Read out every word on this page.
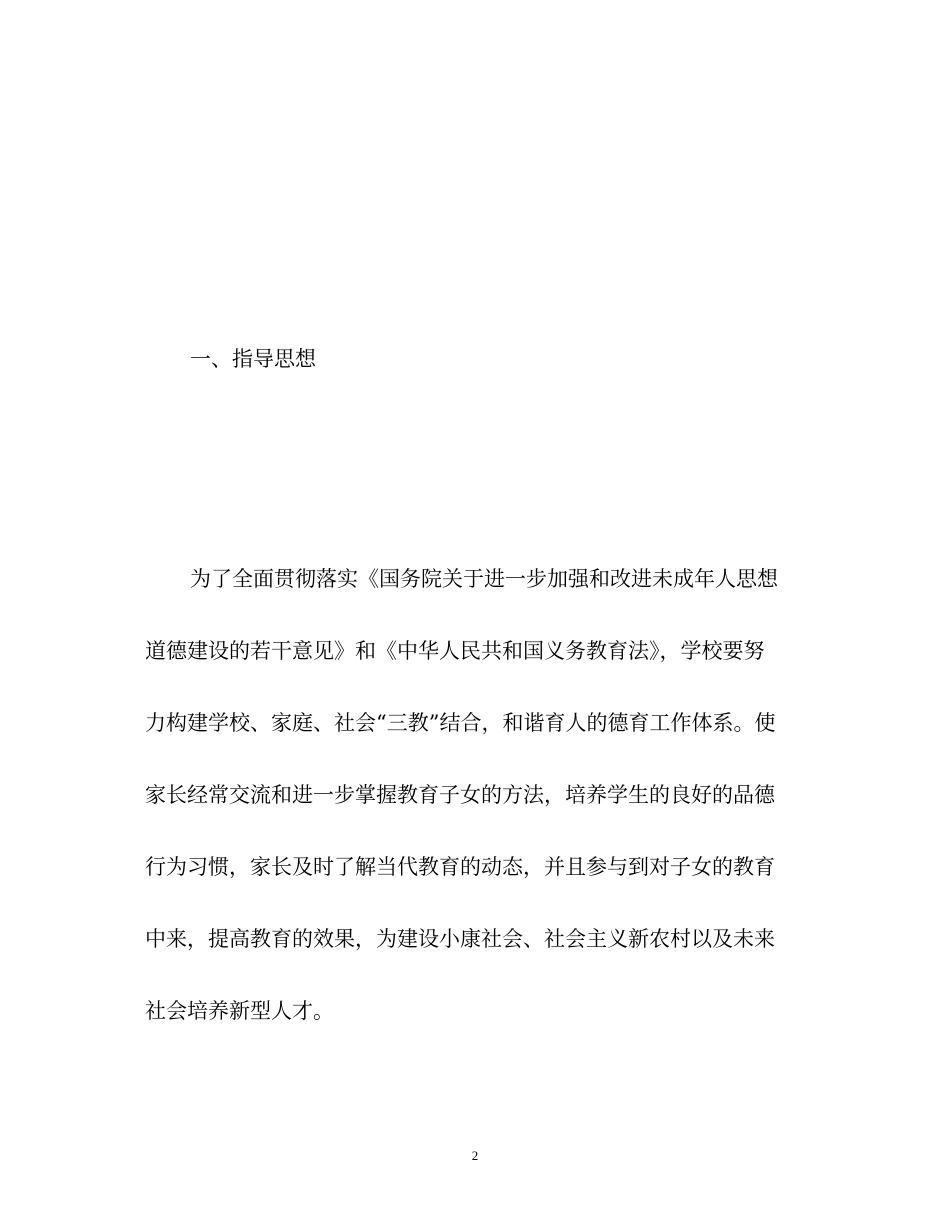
一、指导思想
为了全面贯彻落实《国务院关于进一步加强和改进未成年人思想
道德建设的若干意见》和《中华人民共和国义务教育法》，学校要努
力构建学校、家庭、社会“三教”结合，和谐育人的德育工作体系。使
家长经常交流和进一步掌握教育子女的方法，培养学生的良好的品德
行为习惯，家长及时了解当代教育的动态，并且参与到对子女的教育
中来，提高教育的效果，为建设小康社会、社会主义新农村以及未来
社会培养新型人才。
2
